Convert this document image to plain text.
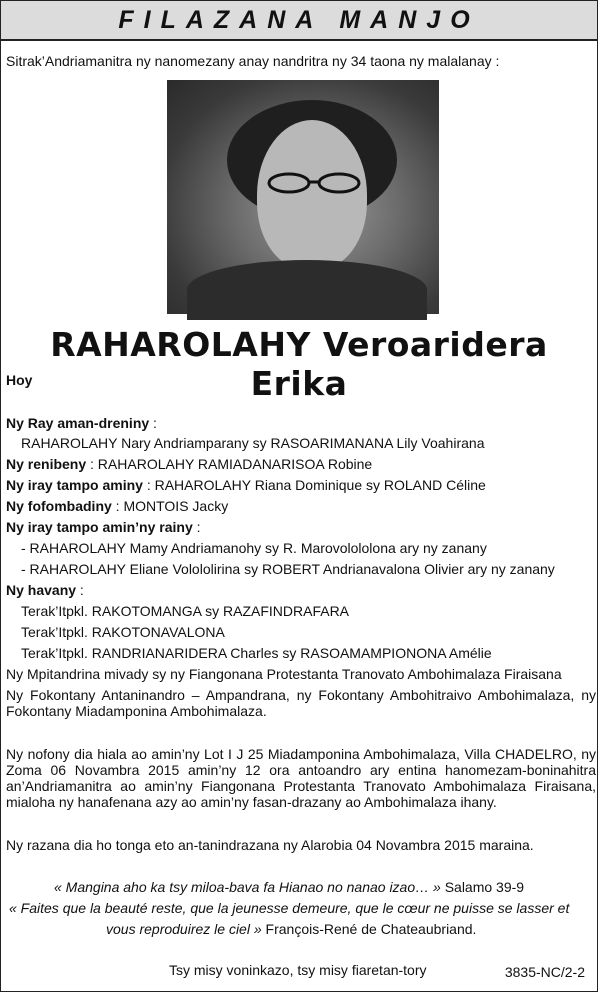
FILAZANA MANJO
Sitrak’Andriamanitra ny nanomezany anay nandritra ny 34 taona ny malalanay :
RAHAROLAHY Veroaridera Erika
Hoy
Ny Ray aman-dreniny :
RAHAROLAHY Nary Andriamparany sy RASOARIMANANA Lily Voahirana
Ny renibeny : RAHAROLAHY RAMIADANARISOA Robine
Ny iray tampo aminy : RAHAROLAHY Riana Dominique sy ROLAND Céline
Ny fofombadiny : MONTOIS Jacky
Ny iray tampo amin’ny rainy :
- RAHAROLAHY Mamy Andriamanohy sy R. Marovolololona ary ny zanany
- RAHAROLAHY Eliane Volololirina sy ROBERT Andrianavalona Olivier ary ny zanany
Ny havany :
Terak’Itpkl. RAKOTOMANGA sy RAZAFINDRAFARA
Terak’Itpkl. RAKOTONAVALONA
Terak’Itpkl. RANDRIANARIDERA Charles sy RASOAMAMPIONONA Amélie
Ny Mpitandrina mivady sy ny Fiangonana Protestanta Tranovato Ambohimalaza Firaisana
Ny Fokontany Antaninandro – Ampandrana, ny Fokontany Ambohitraivo Ambohimalaza, ny Fokontany Miadamponina Ambohimalaza.
Ny nofony dia hiala ao amin’ny Lot I J 25 Miadamponina Ambohimalaza, Villa CHADELRO, ny Zoma 06 Novambra 2015 amin’ny 12 ora antoandro ary entina hanomezam-boninahitra an’Andriamanitra ao amin’ny Fiangonana Protestanta Tranovato Ambohimalaza Firaisana, mialoha ny hanafenana azy ao amin’ny fasan-drazany ao Ambohimalaza ihany.
Ny razana dia ho tonga eto an-tanindrazana ny Alarobia 04 Novambra 2015 maraina.
« Mangina aho ka tsy miloa-bava fa Hianao no nanao izao… » Salamo 39-9
« Faites que la beauté reste, que la jeunesse demeure, que le cœur ne puisse se lasser et
vous reproduirez le ciel » François-René de Chateaubriand.
Tsy misy voninkazo, tsy misy fiaretan-tory	3835-NC/2-2
